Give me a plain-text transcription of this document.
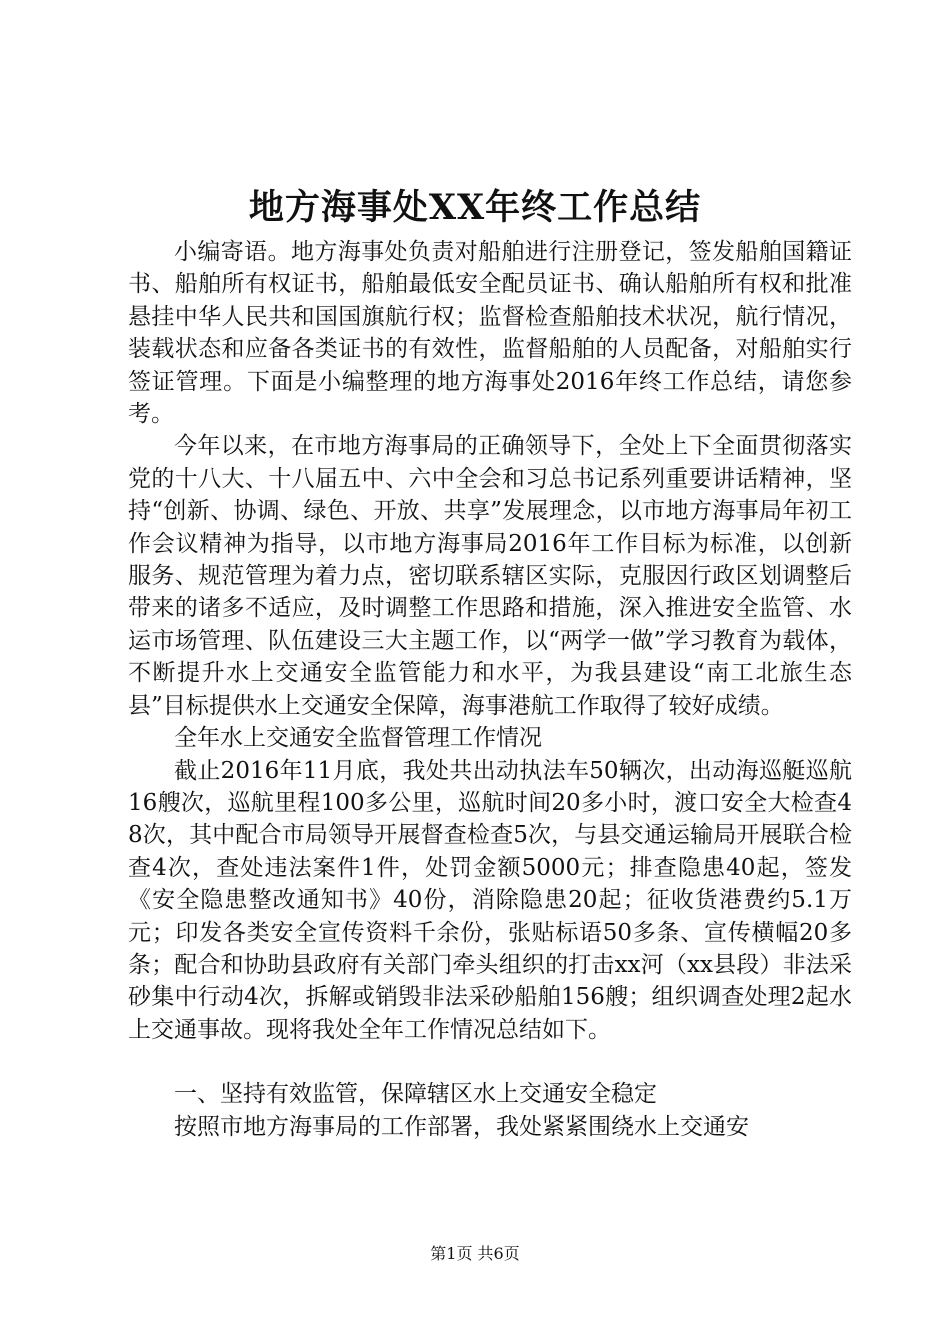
地方海事处XX年终工作总结

小编寄语。地方海事处负责对船舶进行注册登记，签发船舶国籍证书、船舶所有权证书，船舶最低安全配员证书、确认船舶所有权和批准悬挂中华人民共和国国旗航行权；监督检查船舶技术状况，航行情况，装载状态和应备各类证书的有效性，监督船舶的人员配备，对船舶实行签证管理。下面是小编整理的地方海事处2016年终工作总结，请您参考。

今年以来，在市地方海事局的正确领导下，全处上下全面贯彻落实党的十八大、十八届五中、六中全会和习总书记系列重要讲话精神，坚持“创新、协调、绿色、开放、共享”发展理念，以市地方海事局年初工作会议精神为指导，以市地方海事局2016年工作目标为标准，以创新服务、规范管理为着力点，密切联系辖区实际，克服因行政区划调整后带来的诸多不适应，及时调整工作思路和措施，深入推进安全监管、水运市场管理、队伍建设三大主题工作，以“两学一做”学习教育为载体，不断提升水上交通安全监管能力和水平，为我县建设“南工北旅生态县”目标提供水上交通安全保障，海事港航工作取得了较好成绩。

全年水上交通安全监督管理工作情况

截止2016年11月底，我处共出动执法车50辆次，出动海巡艇巡航16艘次，巡航里程100多公里，巡航时间20多小时，渡口安全大检查48次，其中配合市局领导开展督查检查5次，与县交通运输局开展联合检查4次，查处违法案件1件，处罚金额5000元；排查隐患40起，签发《安全隐患整改通知书》40份，消除隐患20起；征收货港费约5.1万元；印发各类安全宣传资料千余份，张贴标语50多条、宣传横幅20多条；配合和协助县政府有关部门牵头组织的打击xx河（xx县段）非法采砂集中行动4次，拆解或销毁非法采砂船舶156艘；组织调查处理2起水上交通事故。现将我处全年工作情况总结如下。

一、坚持有效监管，保障辖区水上交通安全稳定

按照市地方海事局的工作部署，我处紧紧围绕水上交通安

第1页 共6页
